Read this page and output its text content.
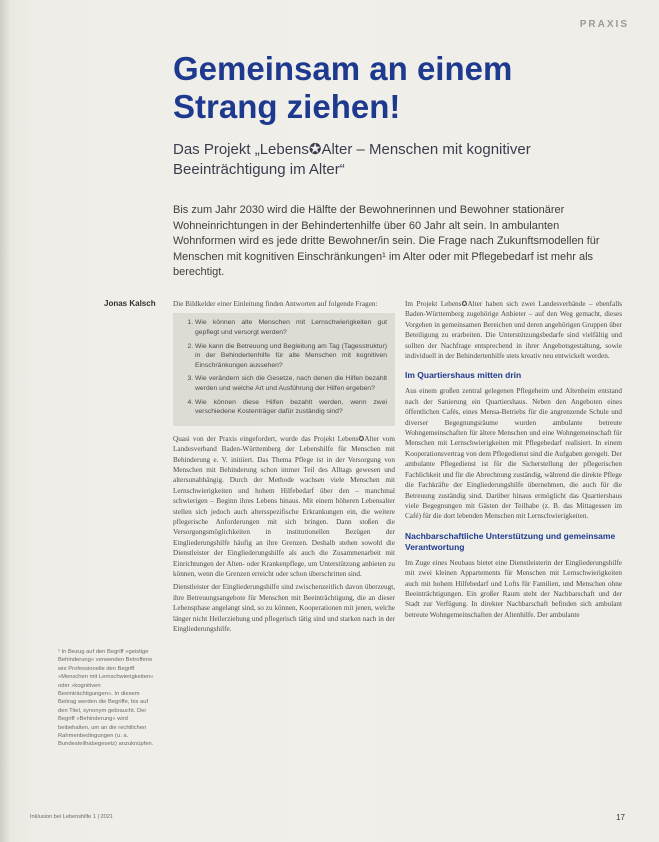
PRAXIS
Gemeinsam an einem Strang ziehen!

Das Projekt „Lebens✪Alter – Menschen mit kognitiver Beeinträchtigung im Alter“

Bis zum Jahr 2030 wird die Hälfte der Bewohnerinnen und Bewohner stationärer Wohneinrichtungen in der Behindertenhilfe über 60 Jahr alt sein. In ambulanten Wohnformen wird es jede dritte Bewohner/in sein. Die Frage nach Zukunftsmodellen für Menschen mit kognitiven Einschränkungen¹ im Alter oder mit Pflegebedarf ist mehr als berechtigt.

Jonas Kalsch Die Bildkelder einer Einleitung finden Antworten auf folgende Fragen:

1. Wie können alte Menschen mit Lernschwierigkeiten gut gepflegt und versorgt werden?
2. Wie kann die Betreuung und Begleitung am Tag (Tagesstruktur) in der Behindertenhilfe für alte Menschen mit kognitiven Einschränkungen aussehen?
3. Wie verändern sich die Gesetze, nach denen die Hilfen bezahlt werden und welche Art und Ausführung der Hilfen ergeben?
4. Wie können diese Hilfen bezahlt werden, wenn zwei verschiedene Kostenträger dafür zuständig sind?

Quasi von der Praxis eingefordert, wurde das Projekt Lebens✪Alter vom Landesverband Baden-Württemberg der Lebenshilfe für Menschen mit Behinderung e. V. initiiert. Das Thema Pflege ist in der Versorgung von Menschen mit Behinderung schon immer Teil des Alltags gewesen und altersunabhängig. Durch der Methode wachsen viele Menschen mit Lernschwierigkeiten und hohem Hilfebedarf über den – manchmal schwierigen – Beginn ihres Lebens hinaus. Mit einem höheren Lebensalter stellen sich jedoch auch altersspezifische Erkrankungen ein, die weitere pflegerische Anforderungen mit sich bringen. Dann stoßen die Versorgungsmöglichkeiten in institutionellen Bezügen der Eingliederungshilfe häufig an ihre Grenzen. Deshalb stehen sowohl die Dienstleister der Eingliederungshilfe als auch die Zusammenarbeit mit Einrichtungen der Alten- oder Krankenpflege, um Unterstützung anbieten zu können, wenn die Grenzen erreicht oder schon überschritten sind.

Dienstleister der Eingliederungshilfe sind zwischenzeitlich davon überzeugt, ihre Betreuungsangebote für Menschen mit Beeinträchtigung, die an dieser Lebensphase angelangt sind, so zu können, Kooperationen mit jenen, welche länger nicht Heilerziehung und pflegerisch tätig sind und starken nach in der Eingliederungshilfe.

Im Projekt Lebens✪Alter haben sich zwei Landesverbände – ebenfalls Baden-Württemberg zugehörige Anbieter – auf den Weg gemacht, dieses Vorgehen in gemeinsamen Bereichen und deren angehörigen Gruppen über Beteiligung zu erarbeiten. Die Unterstützungsbedarfe sind vielfältig und sollten der Nachfrage entsprechend in ihrer Angebotsgestaltung, sowie individuell in der Behindertenhilfe stets kreativ neu entwickelt werden.

Im Quartiershaus mitten drin

Aus einem großen zentral gelegenen Pflegeheim und Altenheim entstand nach der Sanierung ein Quartiershaus. Neben den Angeboten eines öffentlichen Cafés, eines Mensa-Betriebs für die angrenzende Schule und diverser Begegnungsräume wurden ambulante betreute Wohngemeinschaften für ältere Menschen und eine Wohngemeinschaft für Menschen mit Lernschwierigkeiten mit Pflegebedarf realisiert. In einem Kooperationsvertrag von dem Pflegedienst sind die Aufgaben geregelt. Der ambulante Pflegedienst ist für die Sicherstellung der pflegerischen Fachlichkeit und für die Abrechnung zuständig, während die direkte Pflege die Fachkräfte der Eingliederungshilfe übernehmen, die auch für die Betreuung zuständig sind. Darüber hinaus ermöglicht das Quartiershaus viele Begegnungen mit Gästen der Teilhabe (z. B. das Mittagessen im Café) für die dort lebenden Menschen mit Lernschwierigkeiten.

Nachbarschaftliche Unterstützung und gemeinsame Verantwortung

Im Zuge eines Neubaus bietet eine Dienstleisterin der Eingliederungshilfe mit zwei kleinen Appartements für Menschen mit Lernschwierigkeiten auch mit hohem Hilfebedarf und Lofts für Familien, und Menschen ohne Beeinträchtigungen. Ein großer Raum steht der Nachbarschaft und der Stadt zur Verfügung. In direkter Nachbarschaft befinden sich ambulant betreute Wohngemeinschaften der Altenhilfe. Der ambulante

¹ In Bezug auf den Begriff »geistige Behinderung« verwenden Betroffene wie Professionelle den Begriff »Menschen mit Lernschwierigkeiten« oder »kognitiven Beeinträchtigungen«. In diesem Beitrag werden die Begriffe, bis auf den Titel, synonym gebraucht. Der Begriff »Behinderung« wird beibehalten, um an die rechtlichen Rahmenbedingungen (u. a. Bundesteilhabegesetz) anzuknüpfen.
Inklusion bei Lebenshilfe 1 | 2021	17
